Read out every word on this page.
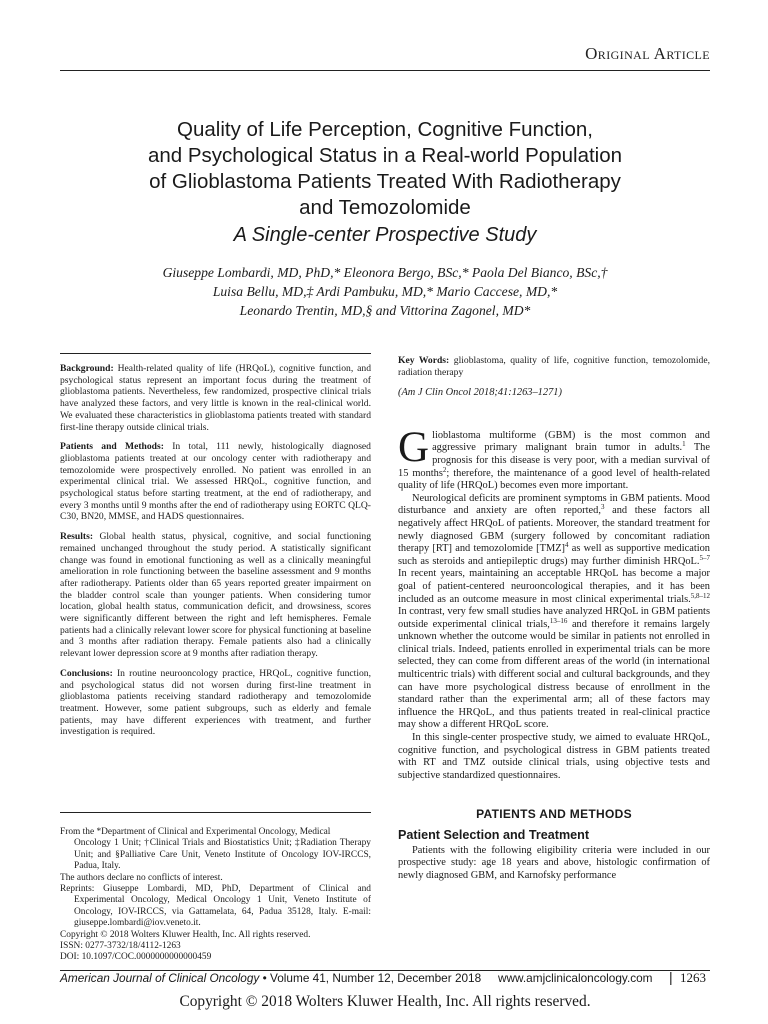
Original Article
Quality of Life Perception, Cognitive Function,
and Psychological Status in a Real-world Population
of Glioblastoma Patients Treated With Radiotherapy
and Temozolomide
A Single-center Prospective Study
Giuseppe Lombardi, MD, PhD,* Eleonora Bergo, BSc,* Paola Del Bianco, BSc,†
Luisa Bellu, MD,‡ Ardi Pambuku, MD,* Mario Caccese, MD,*
Leonardo Trentin, MD,§ and Vittorina Zagonel, MD*

Background: Health-related quality of life (HRQoL), cognitive function, and psychological status represent an important focus during the treatment of glioblastoma patients. Nevertheless, few randomized, prospective clinical trials have analyzed these factors, and very little is known in the real-clinical world. We evaluated these characteristics in glioblastoma patients treated with standard first-line therapy outside clinical trials.

Patients and Methods: In total, 111 newly, histologically diagnosed glioblastoma patients treated at our oncology center with radiotherapy and temozolomide were prospectively enrolled. No patient was enrolled in an experimental clinical trial. We assessed HRQoL, cognitive function, and psychological status before starting treatment, at the end of radiotherapy, and every 3 months until 9 months after the end of radiotherapy using EORTC QLQ-C30, BN20, MMSE, and HADS questionnaires.

Results: Global health status, physical, cognitive, and social functioning remained unchanged throughout the study period. A statistically significant change was found in emotional functioning as well as a clinically meaningful amelioration in role functioning between the baseline assessment and 9 months after radiotherapy. Patients older than 65 years reported greater impairment on the bladder control scale than younger patients. When considering tumor location, global health status, communication deficit, and drowsiness, scores were significantly different between the right and left hemispheres. Female patients had a clinically relevant lower score for physical functioning at baseline and 3 months after radiation therapy. Female patients also had a clinically relevant lower depression score at 9 months after radiation therapy.

Conclusions: In routine neurooncology practice, HRQoL, cognitive function, and psychological status did not worsen during first-line treatment in glioblastoma patients receiving standard radiotherapy and temozolomide treatment. However, some patient subgroups, such as elderly and female patients, may have different experiences with treatment, and further investigation is required.

From the *Department of Clinical and Experimental Oncology, Medical

Oncology 1 Unit; †Clinical Trials and Biostatistics Unit; ‡Radiation Therapy Unit; and §Palliative Care Unit, Veneto Institute of Oncology IOV-IRCCS, Padua, Italy.

The authors declare no conflicts of interest.

Reprints: Giuseppe Lombardi, MD, PhD, Department of Clinical and Experimental Oncology, Medical Oncology 1 Unit, Veneto Institute of Oncology, IOV-IRCCS, via Gattamelata, 64, Padua 35128, Italy. E-mail: giuseppe.lombardi@iov.veneto.it.

Copyright © 2018 Wolters Kluwer Health, Inc. All rights reserved.

ISSN: 0277-3732/18/4112-1263

DOI: 10.1097/COC.0000000000000459

Key Words: glioblastoma, quality of life, cognitive function, temozolomide, radiation therapy

(Am J Clin Oncol 2018;41:1263–1271)

Glioblastoma multiforme (GBM) is the most common and aggressive primary malignant brain tumor in adults.$^1$ The prognosis for this disease is very poor, with a median survival of 15 months$^2$; therefore, the maintenance of a good level of health-related quality of life (HRQoL) becomes even more important.

Neurological deficits are prominent symptoms in GBM patients. Mood disturbance and anxiety are often reported,$^3$ and these factors all negatively affect HRQoL of patients. Moreover, the standard treatment for newly diagnosed GBM (surgery followed by concomitant radiation therapy [RT] and temozolomide [TMZ]$^4$ as well as supportive medication such as steroids and antiepileptic drugs) may further diminish HRQoL.$^{5-7}$ In recent years, maintaining an acceptable HRQoL has become a major goal of patient-centered neurooncological therapies, and it has been included as an outcome measure in most clinical experimental trials.$^{5,8-12}$ In contrast, very few small studies have analyzed HRQoL in GBM patients outside experimental clinical trials,$^{13-16}$ and therefore it remains largely unknown whether the outcome would be similar in patients not enrolled in clinical trials. Indeed, patients enrolled in experimental trials can be more selected, they can come from different areas of the world (in international multicentric trials) with different social and cultural backgrounds, and they can have more psychological distress because of enrollment in the standard rather than the experimental arm; all of these factors may influence the HRQoL, and thus patients treated in real-clinical practice may show a different HRQoL score.

In this single-center prospective study, we aimed to evaluate HRQoL, cognitive function, and psychological distress in GBM patients treated with RT and TMZ outside clinical trials, using objective tests and subjective standardized questionnaires.

PATIENTS AND METHODS

Patient Selection and Treatment

Patients with the following eligibility criteria were included in our prospective study: age 18 years and above, histologic confirmation of newly diagnosed GBM, and Karnofsky performance

American Journal of Clinical Oncology • Volume 41, Number 12, December 2018 www.amjclinicaloncology.com | 1263
Copyright © 2018 Wolters Kluwer Health, Inc. All rights reserved.
